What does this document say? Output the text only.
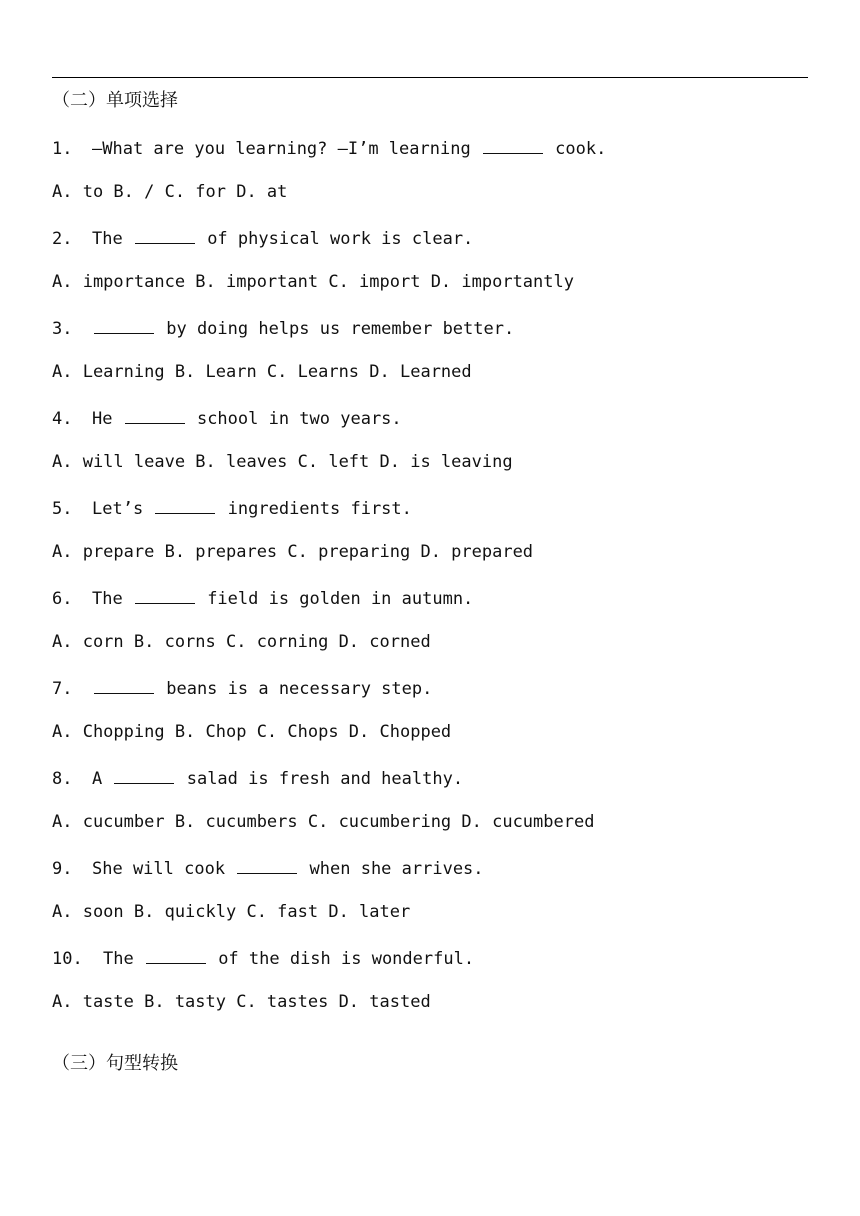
（二）单项选择
1. —What are you learning? —I’m learning	cook.
A. to B. / C. for D. at
2. The	of physical work is clear.
A. importance B. important C. import D. importantly
3.	by doing helps us remember better.
A. Learning B. Learn C. Learns D. Learned
4. He	school in two years.
A. will leave B. leaves C. left D. is leaving
5. Let’s	ingredients first.
A. prepare B. prepares C. preparing D. prepared
6. The	field is golden in autumn.
A. corn B. corns C. corning D. corned
7.	beans is a necessary step.
A. Chopping B. Chop C. Chops D. Chopped
8. A	salad is fresh and healthy.
A. cucumber B. cucumbers C. cucumbering D. cucumbered
9. She will cook	when she arrives.
A. soon B. quickly C. fast D. later
10. The	of the dish is wonderful.
A. taste B. tasty C. tastes D. tasted
（三）句型转换
